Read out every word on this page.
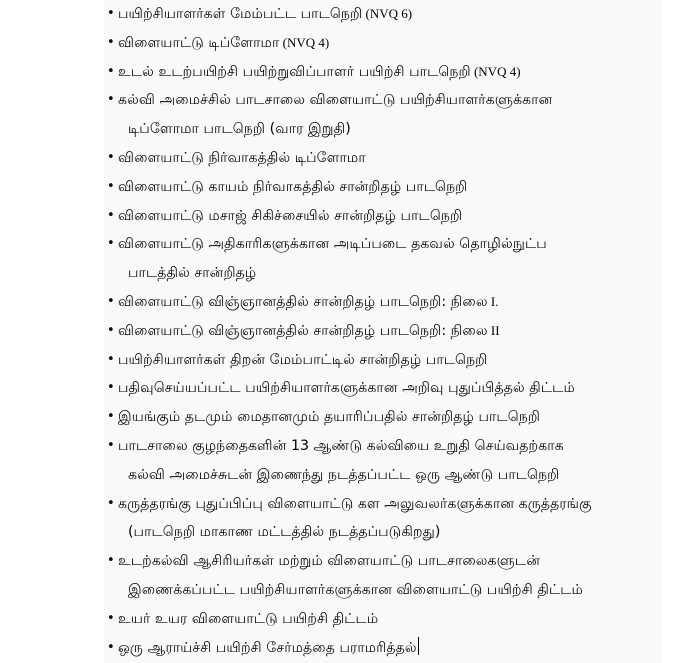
• பயிற்சியாளர்கள் மேம்பட்ட பாடநெறி (NVQ 6)
• விளையாட்டு டிப்ளோமா (NVQ 4)
• உடல் உடற்பயிற்சி பயிற்றுவிப்பாளர் பயிற்சி பாடநெறி (NVQ 4)
• கல்வி அமைச்சில் பாடசாலை விளையாட்டு பயிற்சியாளர்களுக்கான
டிப்ளோமா பாடநெறி (வார இறுதி)
• விளையாட்டு நிர்வாகத்தில் டிப்ளோமா
• விளையாட்டு காயம் நிர்வாகத்தில் சான்றிதழ் பாடநெறி
• விளையாட்டு மசாஜ் சிகிச்சையில் சான்றிதழ் பாடநெறி
• விளையாட்டு அதிகாரிகளுக்கான அடிப்படை தகவல் தொழில்நுட்ப
பாடத்தில் சான்றிதழ்
• விளையாட்டு விஞ்ஞானத்தில் சான்றிதழ் பாடநெறி: நிலை I.
• விளையாட்டு விஞ்ஞானத்தில் சான்றிதழ் பாடநெறி: நிலை II
• பயிற்சியாளர்கள் திறன் மேம்பாட்டில் சான்றிதழ் பாடநெறி
• பதிவுசெய்யப்பட்ட பயிற்சியாளர்களுக்கான அறிவு புதுப்பித்தல் திட்டம்
• இயங்கும் தடமும் மைதானமும் தயாரிப்பதில் சான்றிதழ் பாடநெறி
• பாடசாலை குழந்தைகளின் 13 ஆண்டு கல்வியை உறுதி செய்வதற்காக
கல்வி அமைச்சுடன் இணைந்து நடத்தப்பட்ட ஒரு ஆண்டு பாடநெறி
• கருத்தரங்கு புதுப்பிப்பு விளையாட்டு கள அலுவலர்களுக்கான கருத்தரங்கு
(பாடநெறி மாகாண மட்டத்தில் நடத்தப்படுகிறது)
• உடற்கல்வி ஆசிரியர்கள் மற்றும் விளையாட்டு பாடசாலைகளுடன்
இணைக்கப்பட்ட பயிற்சியாளர்களுக்கான விளையாட்டு பயிற்சி திட்டம்
• உயர் உயர விளையாட்டு பயிற்சி திட்டம்
• ஒரு ஆராய்ச்சி பயிற்சி சேர்மத்தை பராமரித்தல்
